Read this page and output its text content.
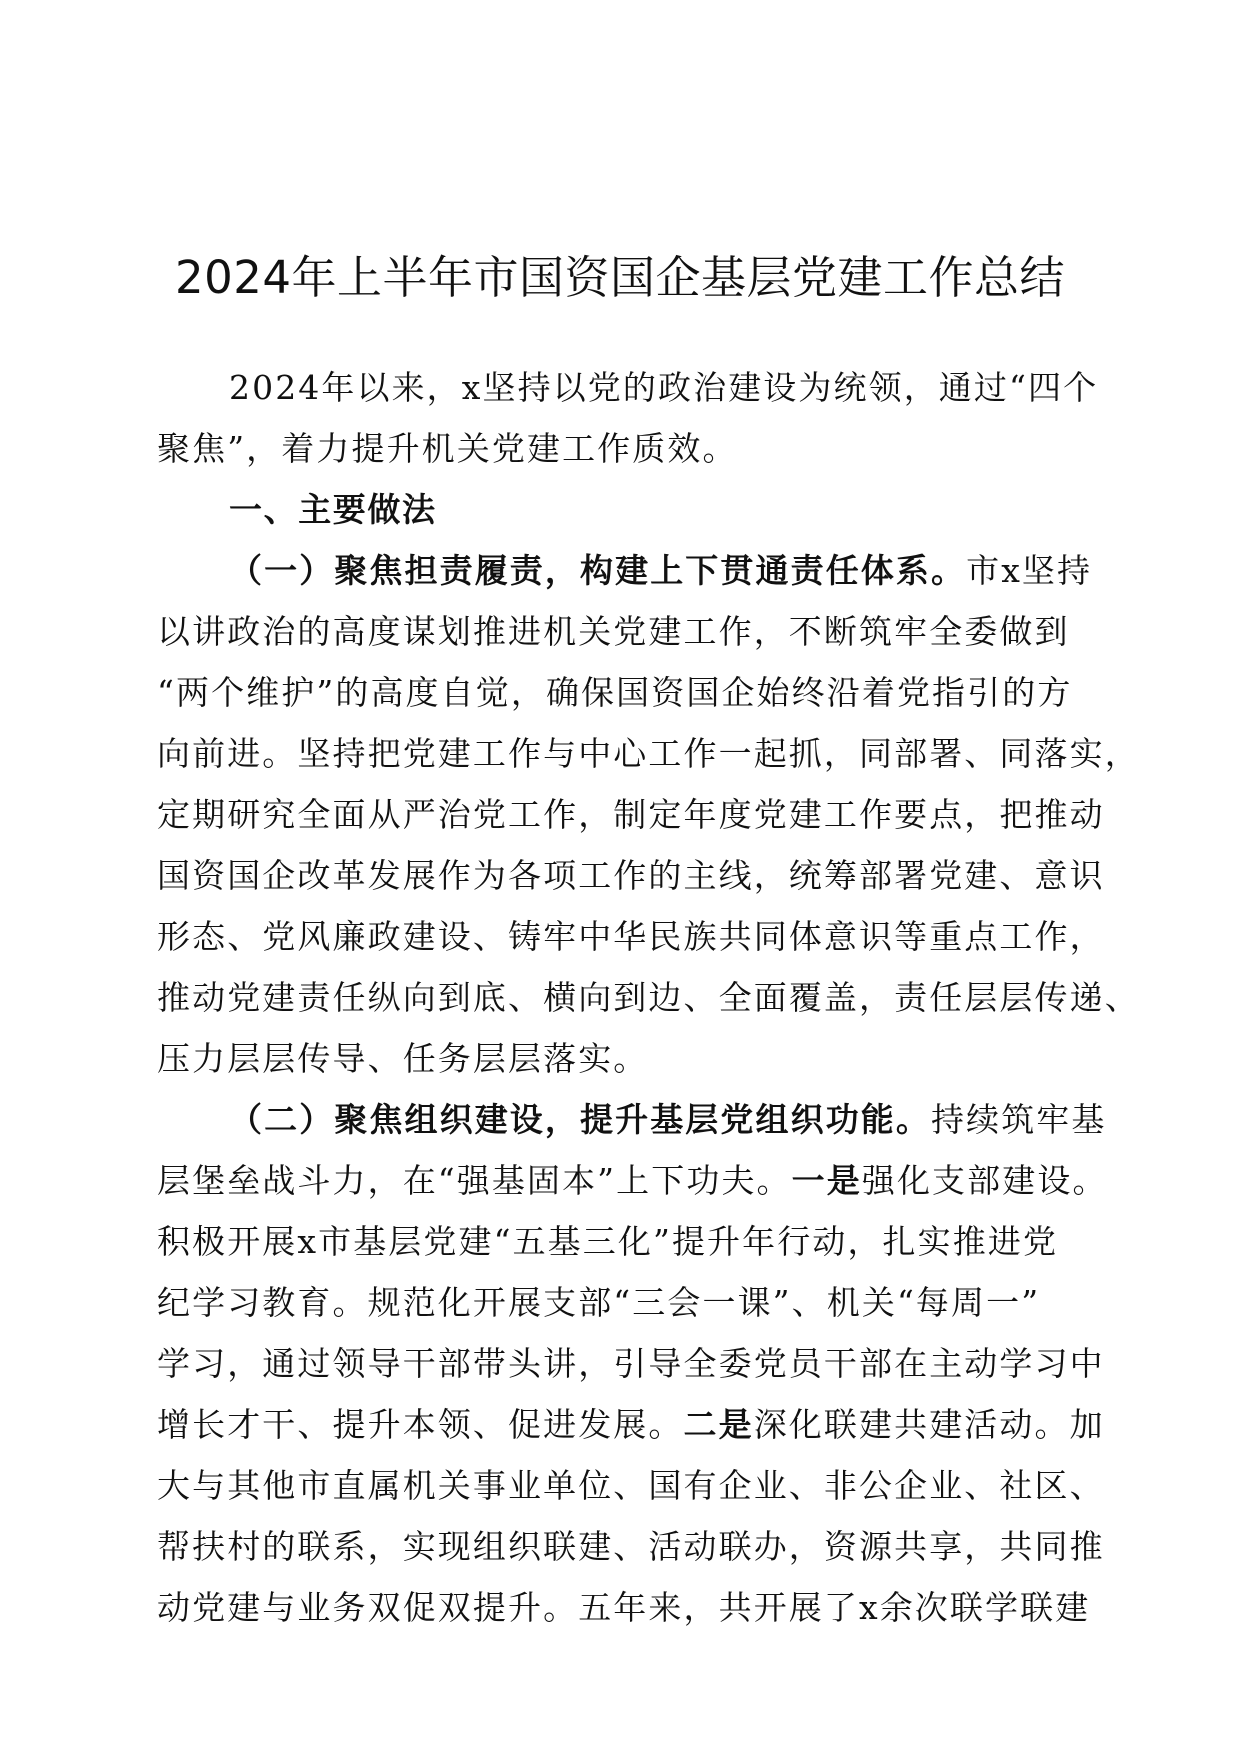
2024年上半年市国资国企基层党建工作总结
2024年以来，x坚持以党的政治建设为统领，通过“四个
聚焦”，着力提升机关党建工作质效。
一、主要做法
（一）聚焦担责履责，构建上下贯通责任体系。市x坚持
以讲政治的高度谋划推进机关党建工作，不断筑牢全委做到
“两个维护”的高度自觉，确保国资国企始终沿着党指引的方
向前进。坚持把党建工作与中心工作一起抓，同部署、同落实，
定期研究全面从严治党工作，制定年度党建工作要点，把推动
国资国企改革发展作为各项工作的主线，统筹部署党建、意识
形态、党风廉政建设、铸牢中华民族共同体意识等重点工作，
推动党建责任纵向到底、横向到边、全面覆盖，责任层层传递、
压力层层传导、任务层层落实。
（二）聚焦组织建设，提升基层党组织功能。持续筑牢基
层堡垒战斗力，在“强基固本”上下功夫。一是强化支部建设。
积极开展x市基层党建“五基三化”提升年行动，扎实推进党
纪学习教育。规范化开展支部“三会一课”、机关“每周一”
学习，通过领导干部带头讲，引导全委党员干部在主动学习中
增长才干、提升本领、促进发展。二是深化联建共建活动。加
大与其他市直属机关事业单位、国有企业、非公企业、社区、
帮扶村的联系，实现组织联建、活动联办，资源共享，共同推
动党建与业务双促双提升。五年来，共开展了x余次联学联建
